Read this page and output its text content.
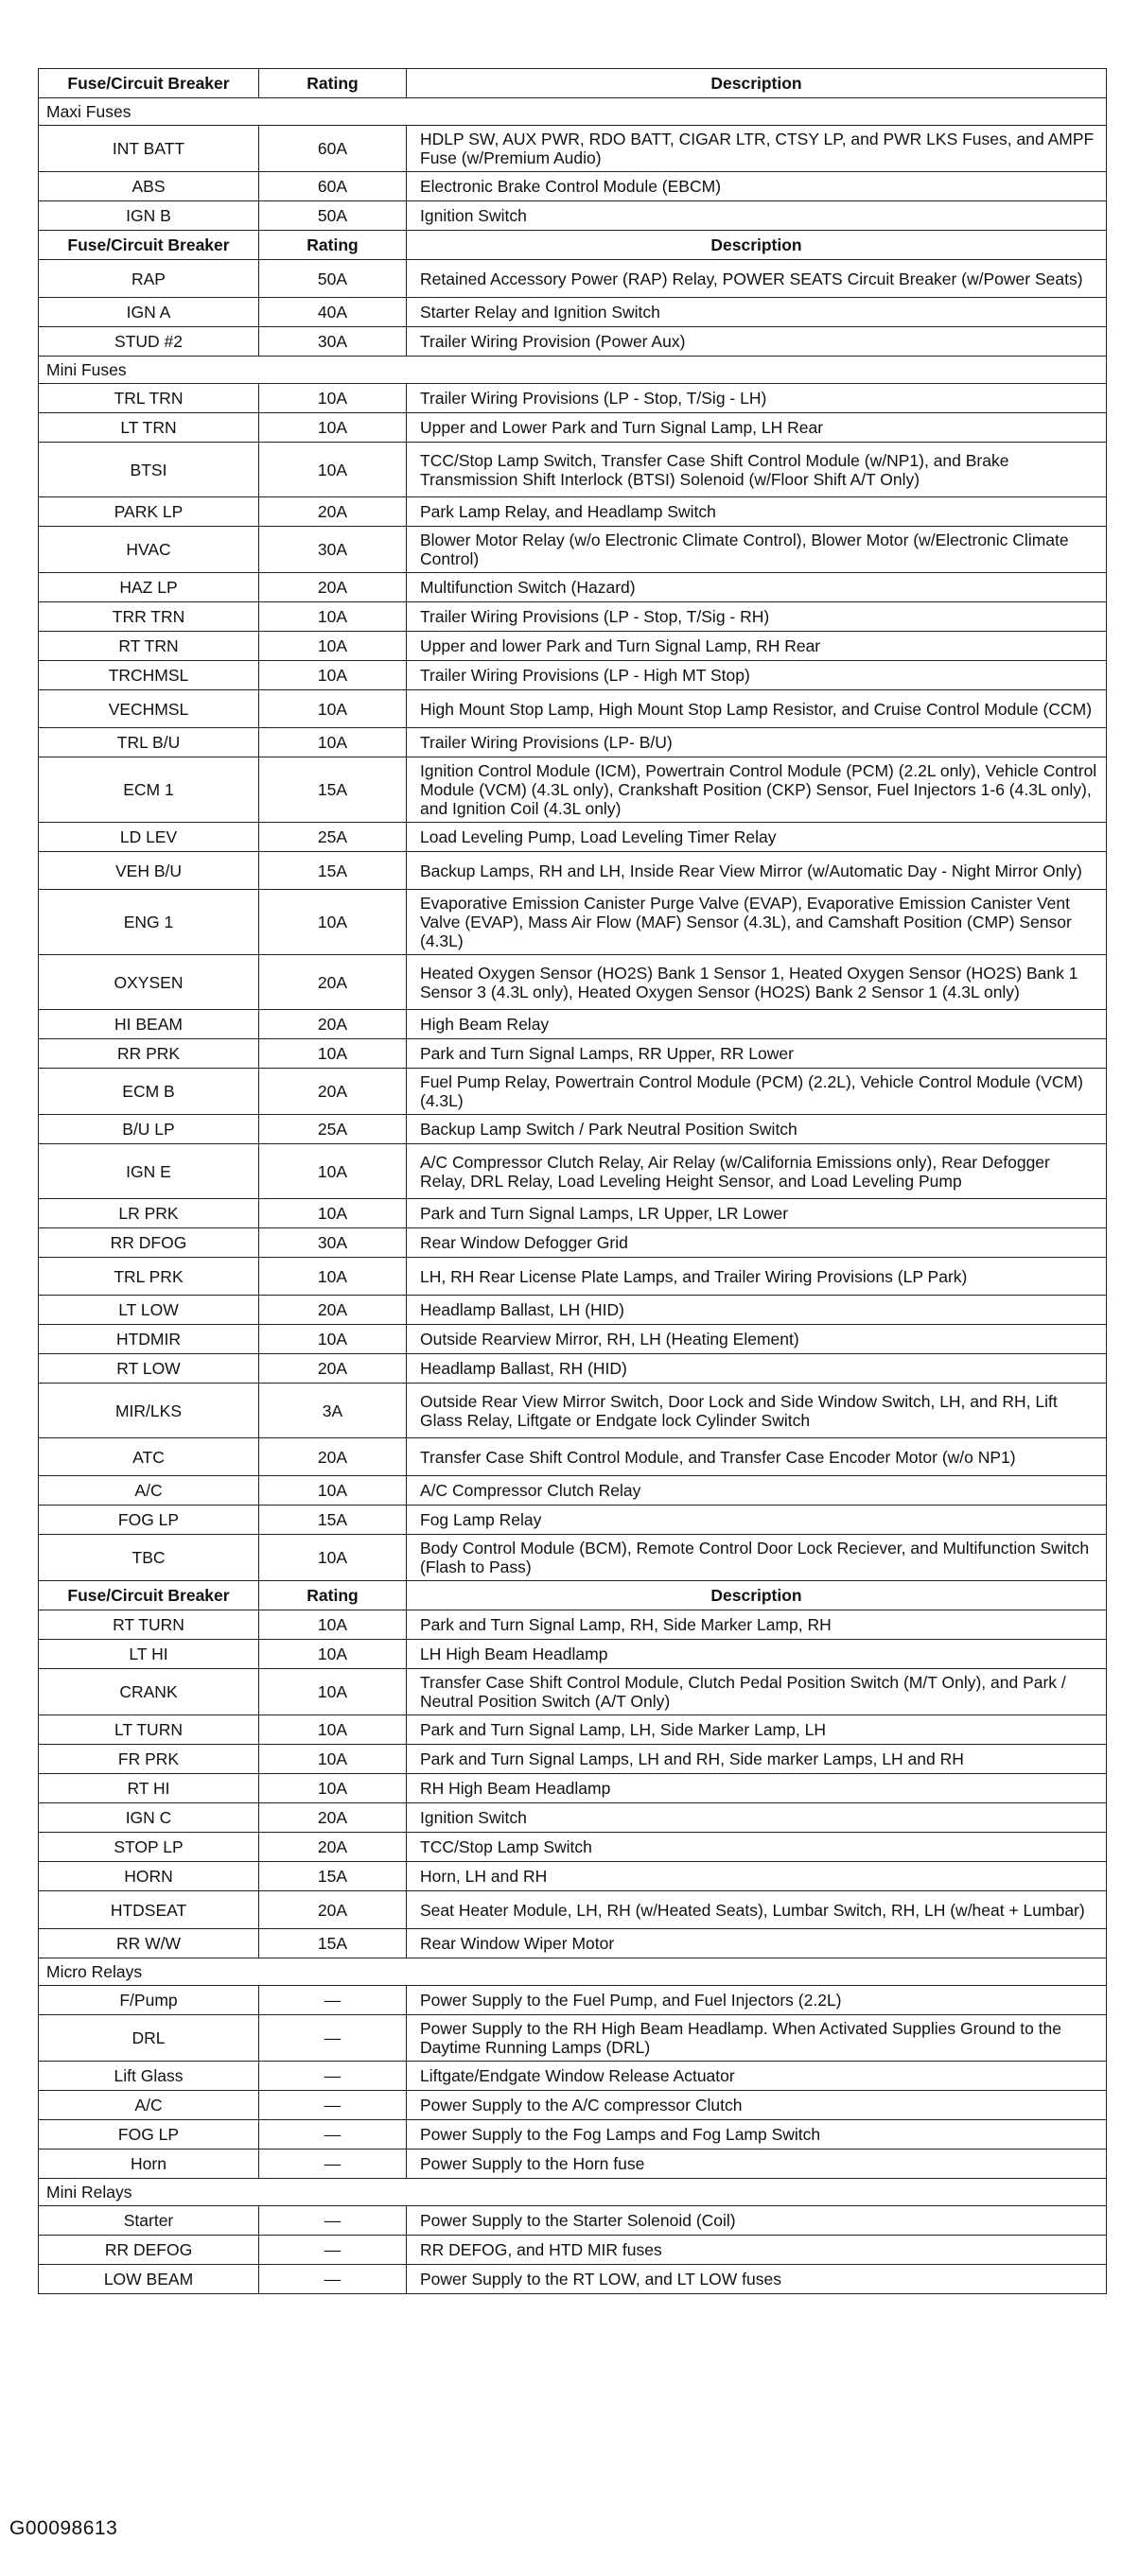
Fuse/Circuit Breaker	Rating	Description
Maxi Fuses		
INT BATT	60A	HDLP SW, AUX PWR, RDO BATT, CIGAR LTR, CTSY LP, and PWR LKS Fuses, and AMPF Fuse (w/Premium Audio)
ABS	60A	Electronic Brake Control Module (EBCM)
IGN B	50A	Ignition Switch
Fuse/Circuit Breaker	Rating	Description
RAP	50A	Retained Accessory Power (RAP) Relay, POWER SEATS Circuit Breaker (w/Power Seats)
IGN A	40A	Starter Relay and Ignition Switch
STUD #2	30A	Trailer Wiring Provision (Power Aux)
Mini Fuses		
TRL TRN	10A	Trailer Wiring Provisions (LP - Stop, T/Sig - LH)
LT TRN	10A	Upper and Lower Park and Turn Signal Lamp, LH Rear
BTSI	10A	TCC/Stop Lamp Switch, Transfer Case Shift Control Module (w/NP1), and Brake Transmission Shift Interlock (BTSI) Solenoid (w/Floor Shift A/T Only)
PARK LP	20A	Park Lamp Relay, and Headlamp Switch
HVAC	30A	Blower Motor Relay (w/o Electronic Climate Control), Blower Motor (w/Electronic Climate Control)
HAZ LP	20A	Multifunction Switch (Hazard)
TRR TRN	10A	Trailer Wiring Provisions (LP - Stop, T/Sig - RH)
RT TRN	10A	Upper and lower Park and Turn Signal Lamp, RH Rear
TRCHMSL	10A	Trailer Wiring Provisions (LP - High MT Stop)
VECHMSL	10A	High Mount Stop Lamp, High Mount Stop Lamp Resistor, and Cruise Control Module (CCM)
TRL B/U	10A	Trailer Wiring Provisions (LP- B/U)
ECM 1	15A	Ignition Control Module (ICM), Powertrain Control Module (PCM) (2.2L only), Vehicle Control Module (VCM) (4.3L only), Crankshaft Position (CKP) Sensor, Fuel Injectors 1-6 (4.3L only), and Ignition Coil (4.3L only)
LD LEV	25A	Load Leveling Pump, Load Leveling Timer Relay
VEH B/U	15A	Backup Lamps, RH and LH, Inside Rear View Mirror (w/Automatic Day - Night Mirror Only)
ENG 1	10A	Evaporative Emission Canister Purge Valve (EVAP), Evaporative Emission Canister Vent Valve (EVAP), Mass Air Flow (MAF) Sensor (4.3L), and Camshaft Position (CMP) Sensor (4.3L)
OXYSEN	20A	Heated Oxygen Sensor (HO2S) Bank 1 Sensor 1, Heated Oxygen Sensor (HO2S) Bank 1 Sensor 3 (4.3L only), Heated Oxygen Sensor (HO2S) Bank 2 Sensor 1 (4.3L only)
HI BEAM	20A	High Beam Relay
RR PRK	10A	Park and Turn Signal Lamps, RR Upper, RR Lower
ECM B	20A	Fuel Pump Relay, Powertrain Control Module (PCM) (2.2L), Vehicle Control Module (VCM) (4.3L)
B/U LP	25A	Backup Lamp Switch / Park Neutral Position Switch
IGN E	10A	A/C Compressor Clutch Relay, Air Relay (w/California Emissions only), Rear Defogger Relay, DRL Relay, Load Leveling Height Sensor, and Load Leveling Pump
LR PRK	10A	Park and Turn Signal Lamps, LR Upper, LR Lower
RR DFOG	30A	Rear Window Defogger Grid
TRL PRK	10A	LH, RH Rear License Plate Lamps, and Trailer Wiring Provisions (LP Park)
LT LOW	20A	Headlamp Ballast, LH (HID)
HTDMIR	10A	Outside Rearview Mirror, RH, LH (Heating Element)
RT LOW	20A	Headlamp Ballast, RH (HID)
MIR/LKS	3A	Outside Rear View Mirror Switch, Door Lock and Side Window Switch, LH, and RH, Lift Glass Relay, Liftgate or Endgate lock Cylinder Switch
ATC	20A	Transfer Case Shift Control Module, and Transfer Case Encoder Motor (w/o NP1)
A/C	10A	A/C Compressor Clutch Relay
FOG LP	15A	Fog Lamp Relay
TBC	10A	Body Control Module (BCM), Remote Control Door Lock Reciever, and Multifunction Switch (Flash to Pass)
Fuse/Circuit Breaker	Rating	Description
RT TURN	10A	Park and Turn Signal Lamp, RH, Side Marker Lamp, RH
LT HI	10A	LH High Beam Headlamp
CRANK	10A	Transfer Case Shift Control Module, Clutch Pedal Position Switch (M/T Only), and Park / Neutral Position Switch (A/T Only)
LT TURN	10A	Park and Turn Signal Lamp, LH, Side Marker Lamp, LH
FR PRK	10A	Park and Turn Signal Lamps, LH and RH, Side marker Lamps, LH and RH
RT HI	10A	RH High Beam Headlamp
IGN C	20A	Ignition Switch
STOP LP	20A	TCC/Stop Lamp Switch
HORN	15A	Horn, LH and RH
HTDSEAT	20A	Seat Heater Module, LH, RH (w/Heated Seats), Lumbar Switch, RH, LH (w/heat + Lumbar)
RR W/W	15A	Rear Window Wiper Motor
Micro Relays		
F/Pump	—	Power Supply to the Fuel Pump, and Fuel Injectors (2.2L)
DRL	—	Power Supply to the RH High Beam Headlamp. When Activated Supplies Ground to the Daytime Running Lamps (DRL)
Lift Glass	—	Liftgate/Endgate Window Release Actuator
A/C	—	Power Supply to the A/C compressor Clutch
FOG LP	—	Power Supply to the Fog Lamps and Fog Lamp Switch
Horn	—	Power Supply to the Horn fuse
Mini Relays		
Starter	—	Power Supply to the Starter Solenoid (Coil)
RR DEFOG	—	RR DEFOG, and HTD MIR fuses
LOW BEAM	—	Power Supply to the RT LOW, and LT LOW fuses
G00098613
